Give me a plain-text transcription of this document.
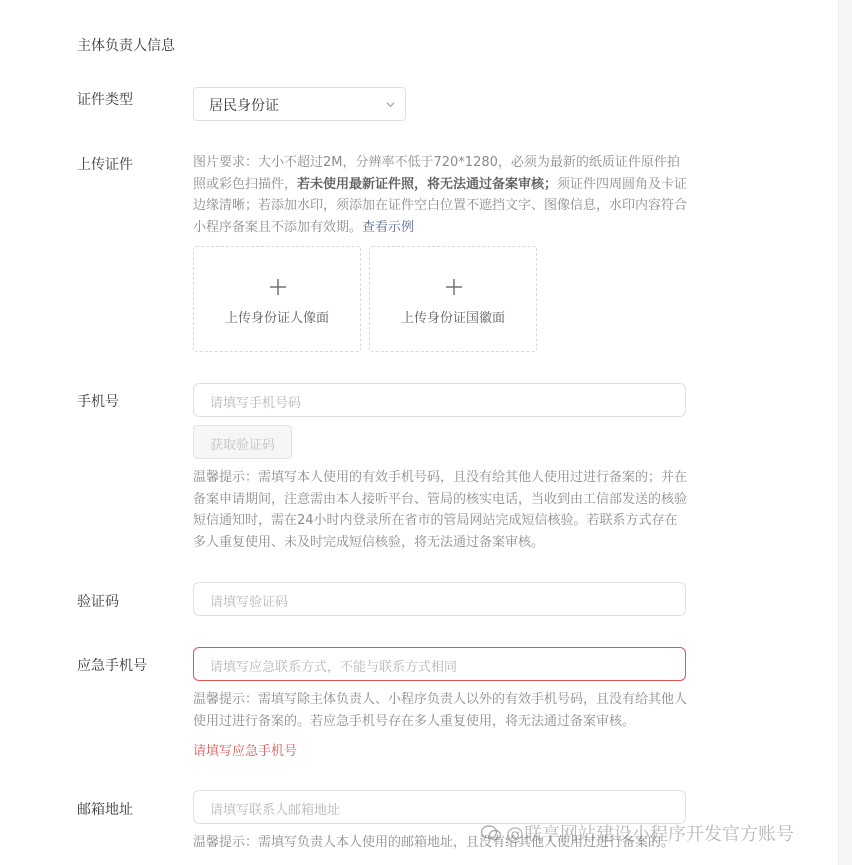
主体负责人信息
证件类型	居民身份证
上传证件	图片要求：大小不超过2M，分辨率不低于720*1280，必须为最新的纸质证件原件拍照或彩色扫描件，若未使用最新证件照，将无法通过备案审核；须证件四周圆角及卡证边缘清晰；若添加水印，须添加在证件空白位置不遮挡文字、图像信息，水印内容符合小程序备案且不添加有效期。查看示例
上传身份证人像面	上传身份证国徽面
手机号	请填写手机号码
获取验证码
温馨提示：需填写本人使用的有效手机号码，且没有给其他人使用过进行备案的；并在备案申请期间，注意需由本人接听平台、管局的核实电话，当收到由工信部发送的核验短信通知时，需在24小时内登录所在省市的管局网站完成短信核验。若联系方式存在多人重复使用、未及时完成短信核验，将无法通过备案审核。
验证码	请填写验证码
应急手机号	请填写应急联系方式，不能与联系方式相同
温馨提示：需填写除主体负责人、小程序负责人以外的有效手机号码，且没有给其他人使用过进行备案的。若应急手机号存在多人重复使用，将无法通过备案审核。
请填写应急手机号
邮箱地址	请填写联系人邮箱地址
温馨提示：需填写负责人本人使用的邮箱地址，且没有给其他人使用过进行备案的。
@联享网站建设小程序开发官方账号
